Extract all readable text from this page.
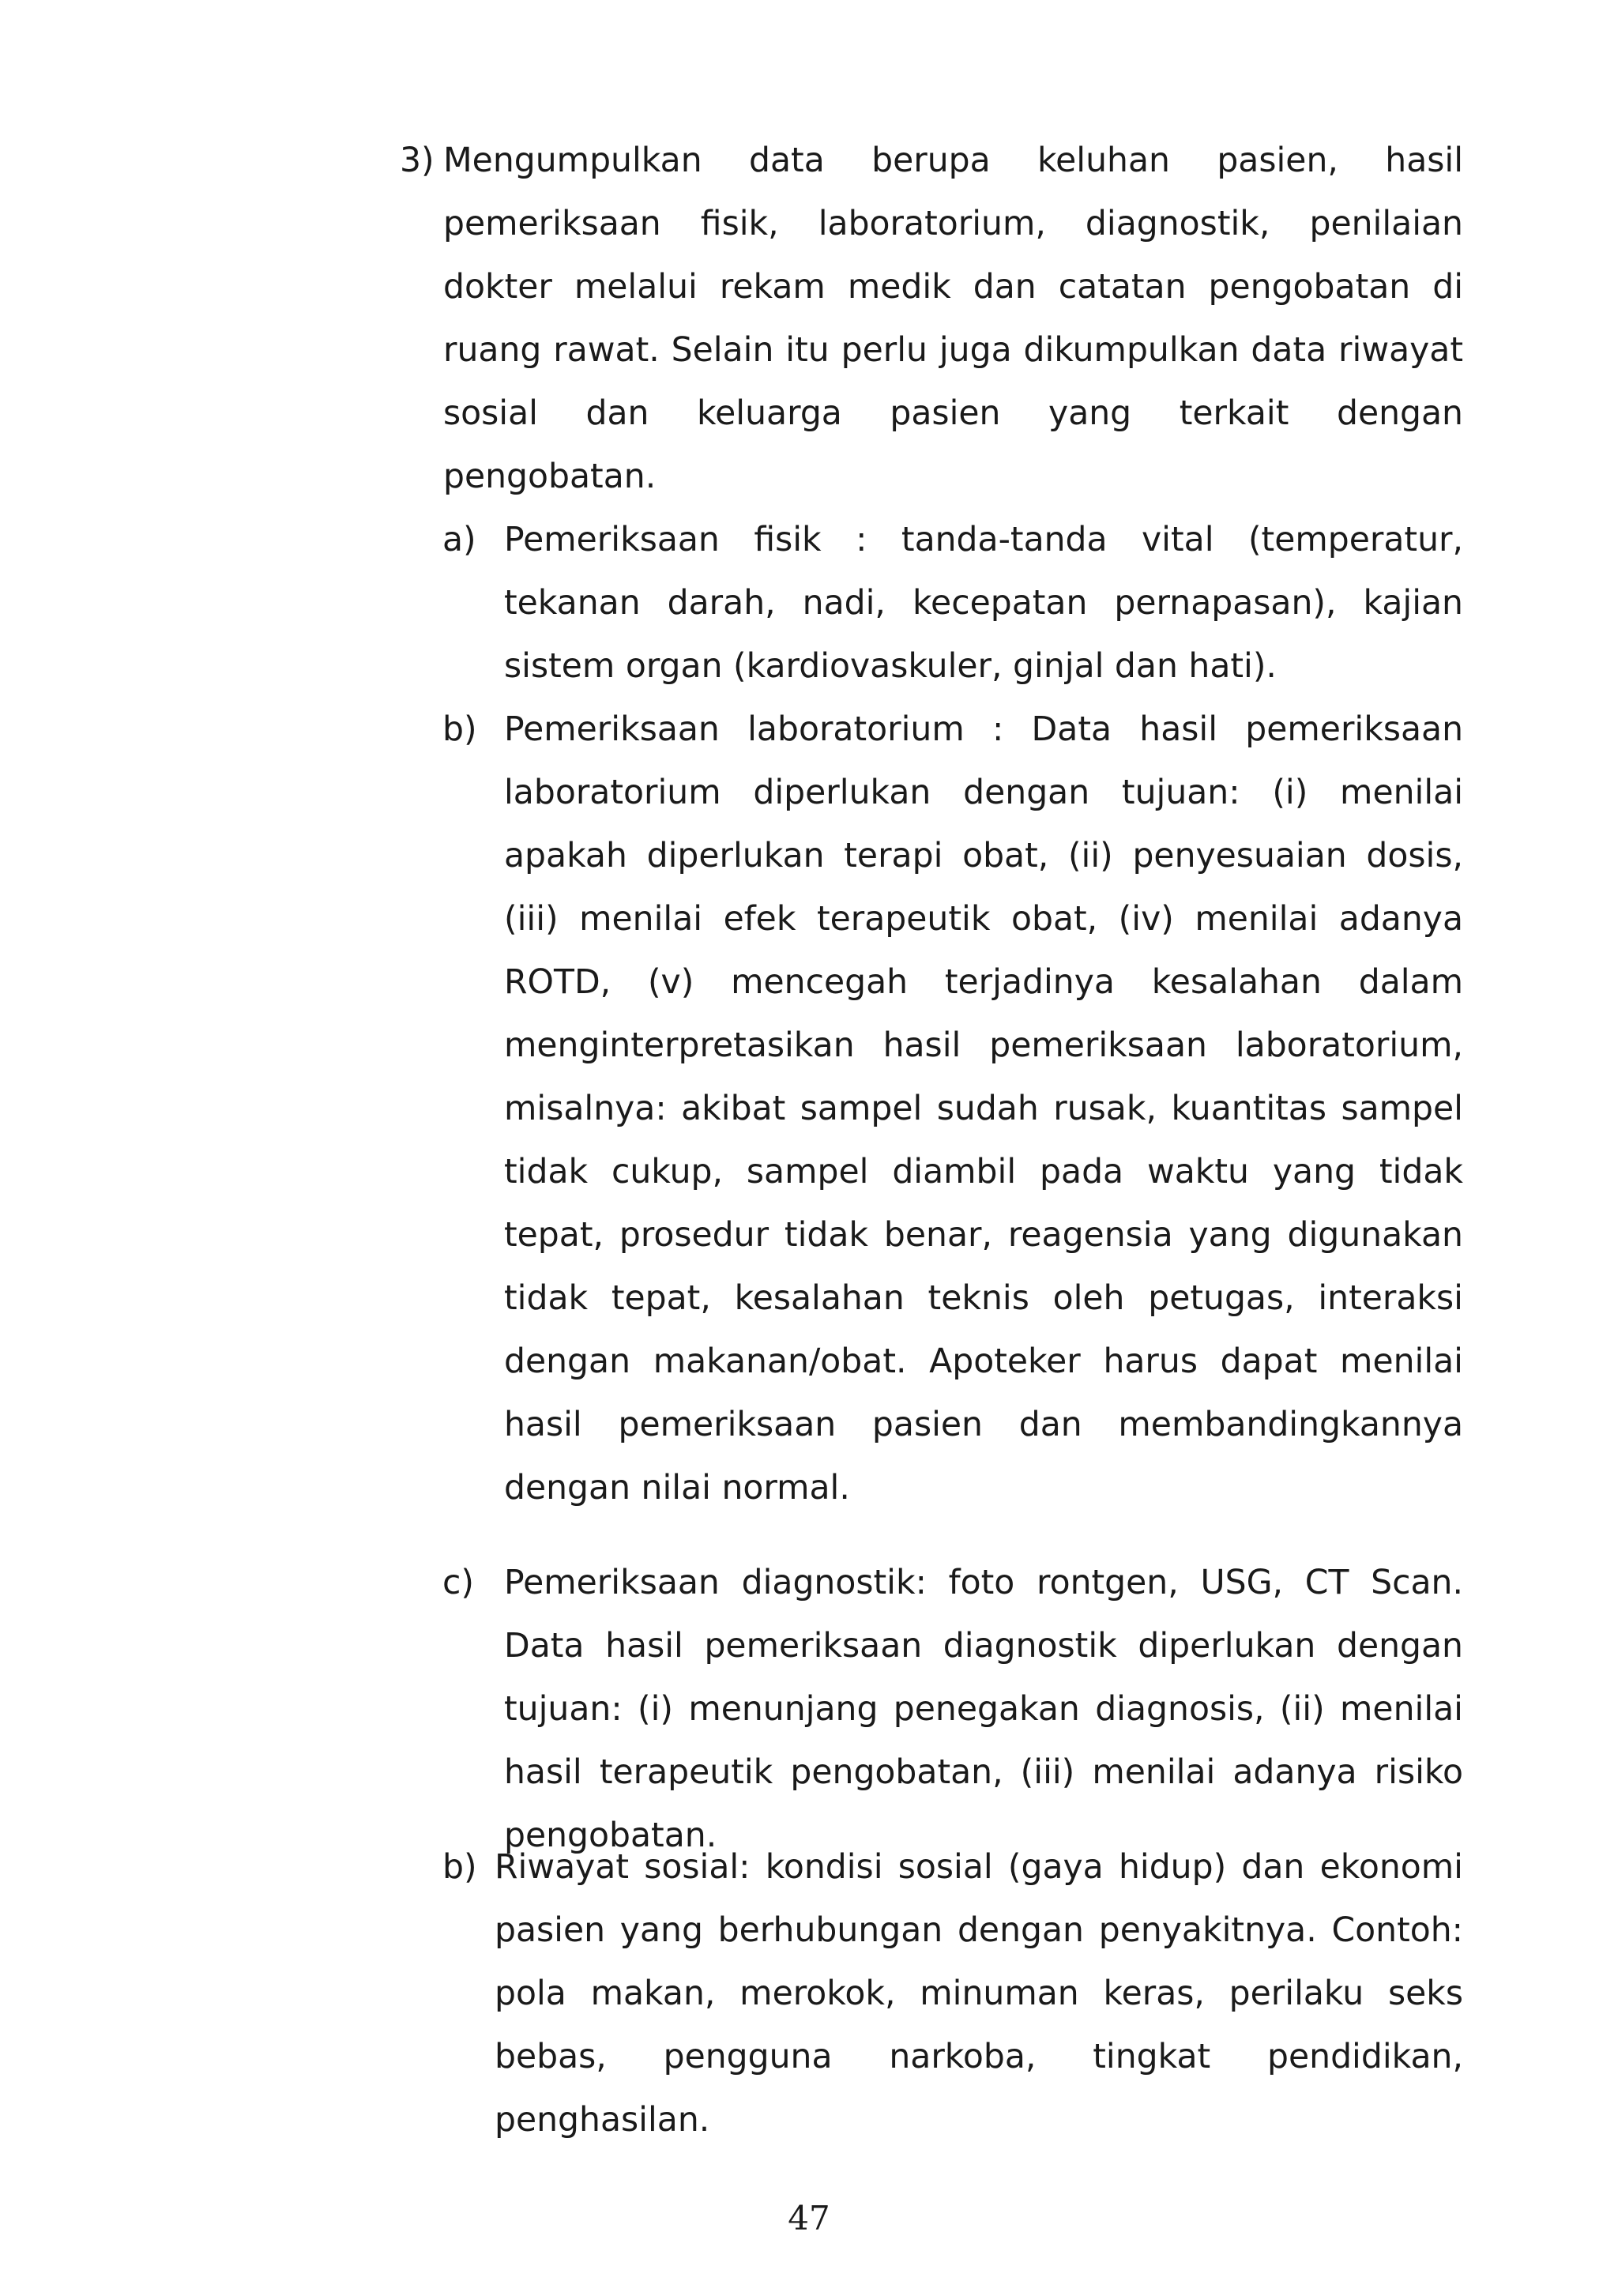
3) Mengumpulkan data berupa keluhan pasien, hasil pemeriksaan fisik, laboratorium, diagnostik, penilaian dokter melalui rekam medik dan catatan pengobatan di ruang rawat. Selain itu perlu juga dikumpulkan data riwayat sosial dan keluarga pasien yang terkait dengan pengobatan.
a) Pemeriksaan fisik : tanda-tanda vital (temperatur, tekanan darah, nadi, kecepatan pernapasan), kajian sistem organ (kardiovaskuler, ginjal dan hati).
b) Pemeriksaan laboratorium : Data hasil pemeriksaan laboratorium diperlukan dengan tujuan: (i) menilai apakah diperlukan terapi obat, (ii) penyesuaian dosis, (iii) menilai efek terapeutik obat, (iv) menilai adanya ROTD, (v) mencegah terjadinya kesalahan dalam menginterpretasikan hasil pemeriksaan laboratorium, misalnya: akibat sampel sudah rusak, kuantitas sampel tidak cukup, sampel diambil pada waktu yang tidak tepat, prosedur tidak benar, reagensia yang digunakan tidak tepat, kesalahan teknis oleh petugas, interaksi dengan makanan/obat. Apoteker harus dapat menilai hasil pemeriksaan pasien dan membandingkannya dengan nilai normal.
c) Pemeriksaan diagnostik: foto rontgen, USG, CT Scan. Data hasil pemeriksaan diagnostik diperlukan dengan tujuan: (i) menunjang penegakan diagnosis, (ii) menilai hasil terapeutik pengobatan, (iii) menilai adanya risiko pengobatan.
b) Riwayat sosial: kondisi sosial (gaya hidup) dan ekonomi pasien yang berhubungan dengan penyakitnya. Contoh: pola makan, merokok, minuman keras, perilaku seks bebas, pengguna narkoba, tingkat pendidikan, penghasilan.
47
